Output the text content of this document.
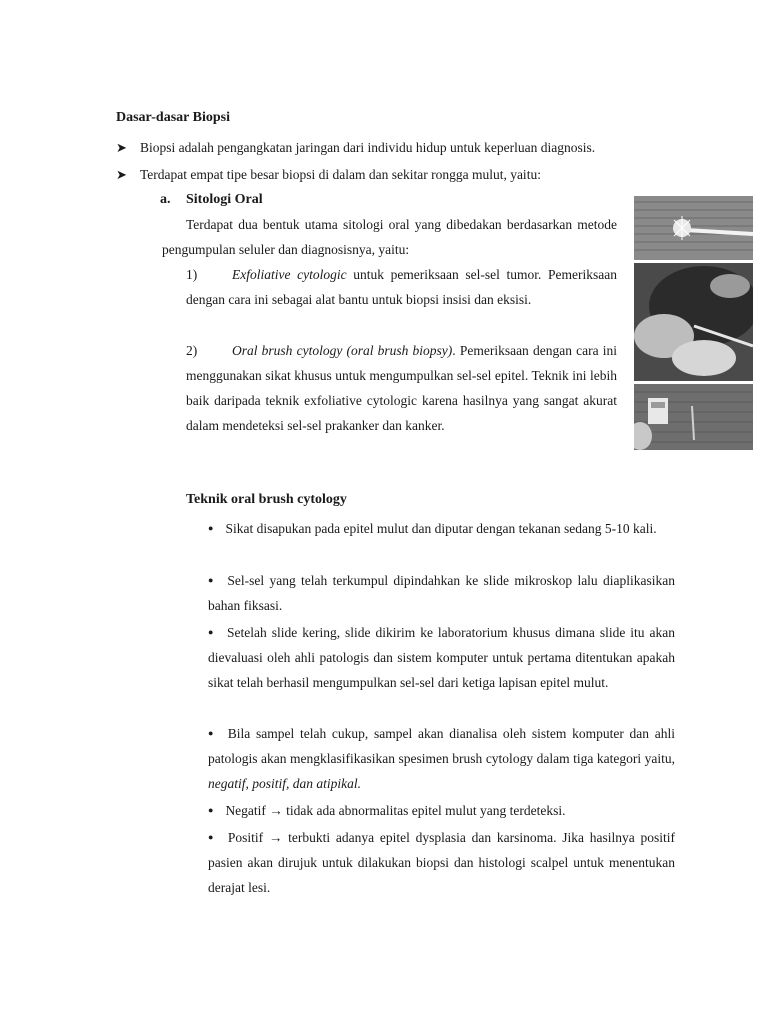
Dasar-dasar Biopsi
➤ Biopsi adalah pengangkatan jaringan dari individu hidup untuk keperluan diagnosis.
➤ Terdapat empat tipe besar biopsi di dalam dan sekitar rongga mulut, yaitu:
a. Sitologi Oral
Terdapat dua bentuk utama sitologi oral yang dibedakan berdasarkan metode pengumpulan seluler dan diagnosisnya, yaitu:
1)	Exfoliative cytologic untuk pemeriksaan sel-sel tumor. Pemeriksaan dengan cara ini sebagai alat bantu untuk biopsi insisi dan eksisi.
2)	Oral brush cytology (oral brush biopsy). Pemeriksaan dengan cara ini menggunakan sikat khusus untuk mengumpulkan sel-sel epitel. Teknik ini lebih baik daripada teknik exfoliative cytologic karena hasilnya yang sangat akurat dalam mendeteksi sel-sel prakanker dan kanker.
Teknik oral brush cytology
● Sikat disapukan pada epitel mulut dan diputar dengan tekanan sedang 5-10 kali.
● Sel-sel yang telah terkumpul dipindahkan ke slide mikroskop lalu diaplikasikan bahan fiksasi.
● Setelah slide kering, slide dikirim ke laboratorium khusus dimana slide itu akan dievaluasi oleh ahli patologis dan sistem komputer untuk pertama ditentukan apakah sikat telah berhasil mengumpulkan sel-sel dari ketiga lapisan epitel mulut.
● Bila sampel telah cukup, sampel akan dianalisa oleh sistem komputer dan ahli patologis akan mengklasifikasikan spesimen brush cytology dalam tiga kategori yaitu, negatif, positif, dan atipikal.
● Negatif → tidak ada abnormalitas epitel mulut yang terdeteksi.
● Positif → terbukti adanya epitel dysplasia dan karsinoma. Jika hasilnya positif pasien akan dirujuk untuk dilakukan biopsi dan histologi scalpel untuk menentukan derajat lesi.
